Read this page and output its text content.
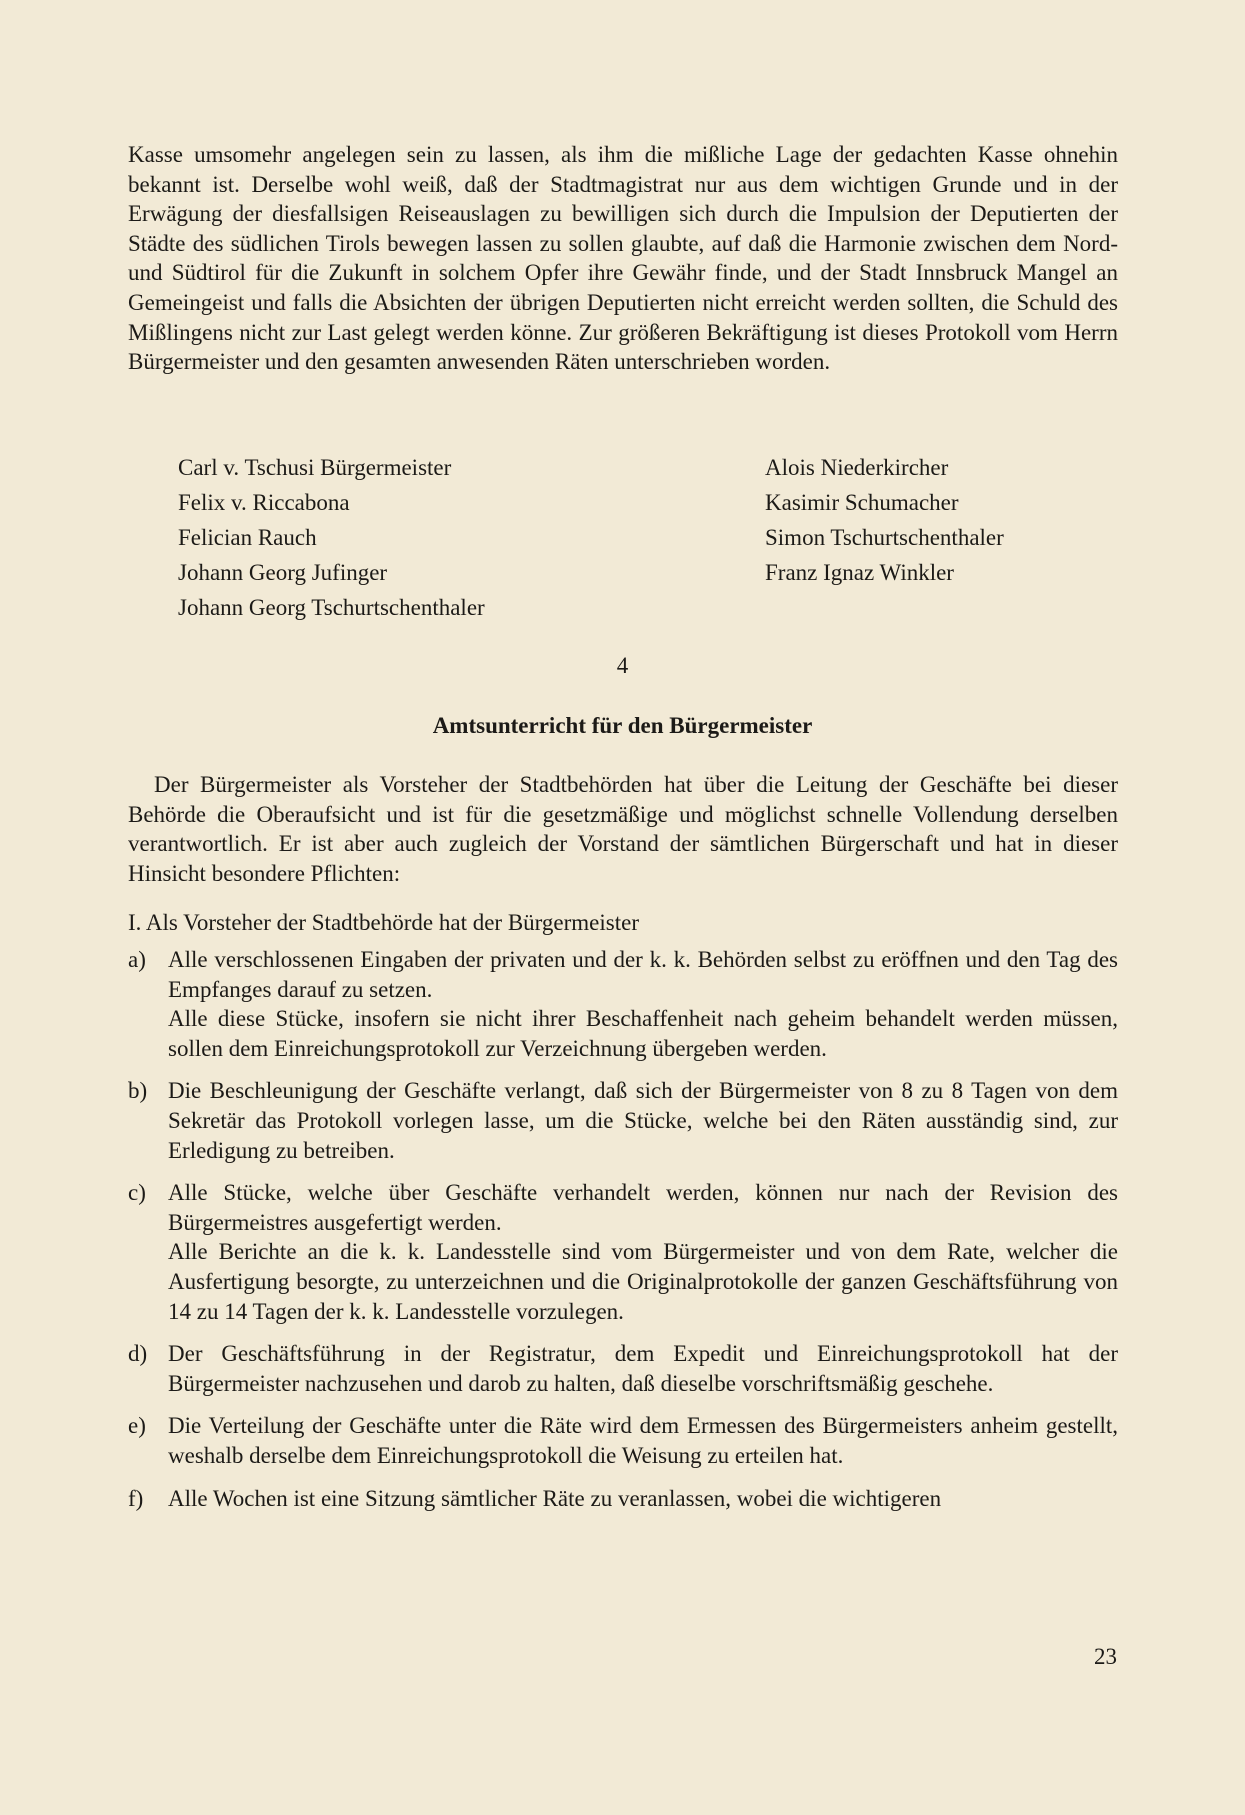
Kasse umsomehr angelegen sein zu lassen, als ihm die mißliche Lage der gedachten Kasse ohnehin bekannt ist. Derselbe wohl weiß, daß der Stadtmagistrat nur aus dem wichtigen Grunde und in der Erwägung der diesfallsigen Reiseauslagen zu bewilligen sich durch die Impulsion der Deputierten der Städte des südlichen Tirols bewegen lassen zu sollen glaubte, auf daß die Harmonie zwischen dem Nord- und Südtirol für die Zukunft in solchem Opfer ihre Gewähr finde, und der Stadt Innsbruck Mangel an Gemeingeist und falls die Absichten der übrigen Deputierten nicht erreicht werden sollten, die Schuld des Mißlingens nicht zur Last gelegt werden könne. Zur größeren Bekräftigung ist dieses Protokoll vom Herrn Bürgermeister und den gesamten anwesenden Räten unterschrieben worden.

Carl v. Tschusi Bürgermeister
Felix v. Riccabona
Felician Rauch
Johann Georg Jufinger
Johann Georg Tschurtschenthaler
Alois Niederkircher
Kasimir Schumacher
Simon Tschurtschenthaler
Franz Ignaz Winkler
4
Amtsunterricht für den Bürgermeister

Der Bürgermeister als Vorsteher der Stadtbehörden hat über die Leitung der Geschäfte bei dieser Behörde die Oberaufsicht und ist für die gesetzmäßige und möglichst schnelle Vollendung derselben verantwortlich. Er ist aber auch zugleich der Vorstand der sämtlichen Bürgerschaft und hat in dieser Hinsicht besondere Pflichten:

I. Als Vorsteher der Stadtbehörde hat der Bürgermeister
a) Alle verschlossenen Eingaben der privaten und der k. k. Behörden selbst zu eröffnen und den Tag des Empfanges darauf zu setzen.
Alle diese Stücke, insofern sie nicht ihrer Beschaffenheit nach geheim behandelt werden müssen, sollen dem Einreichungsprotokoll zur Verzeichnung übergeben werden.
b) Die Beschleunigung der Geschäfte verlangt, daß sich der Bürgermeister von 8 zu 8 Tagen von dem Sekretär das Protokoll vorlegen lasse, um die Stücke, welche bei den Räten ausständig sind, zur Erledigung zu betreiben.
c) Alle Stücke, welche über Geschäfte verhandelt werden, können nur nach der Revision des Bürgermeistres ausgefertigt werden.
Alle Berichte an die k. k. Landesstelle sind vom Bürgermeister und von dem Rate, welcher die Ausfertigung besorgte, zu unterzeichnen und die Originalprotokolle der ganzen Geschäftsführung von 14 zu 14 Tagen der k. k. Landesstelle vorzulegen.
d) Der Geschäftsführung in der Registratur, dem Expedit und Einreichungsprotokoll hat der Bürgermeister nachzusehen und darob zu halten, daß dieselbe vorschriftsmäßig geschehe.
e) Die Verteilung der Geschäfte unter die Räte wird dem Ermessen des Bürgermeisters anheim gestellt, weshalb derselbe dem Einreichungsprotokoll die Weisung zu erteilen hat.
f) Alle Wochen ist eine Sitzung sämtlicher Räte zu veranlassen, wobei die wichtigeren
23
